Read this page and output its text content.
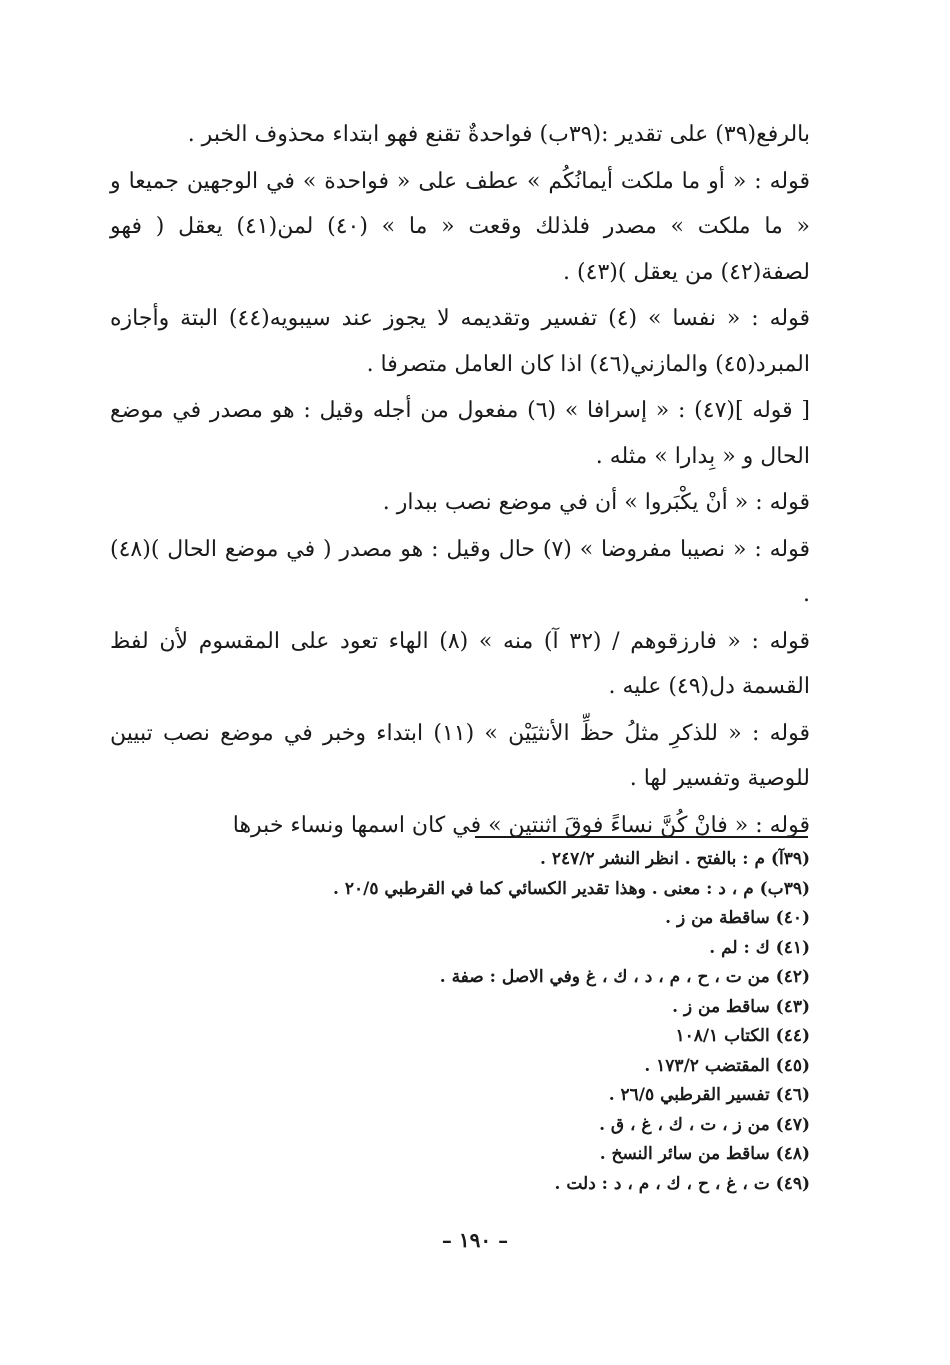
بالرفع(٣٩) على تقدير :(٣٩ب) فواحدةٌ تقنع فهو ابتداء محذوف الخبر .

قوله : « أو ما ملكت أيمانُكُم » عطف على « فواحدة » في الوجهين جميعا و « ما ملكت » مصدر فلذلك وقعت « ما » (٤٠) لمن(٤١) يعقل ( فهو لصفة(٤٢) من يعقل )(٤٣) .

قوله : « نفسا » (٤) تفسير وتقديمه لا يجوز عند سيبويه(٤٤) البتة وأجازه المبرد(٤٥) والمازني(٤٦) اذا كان العامل متصرفا .

[ قوله ](٤٧) : « إسرافا » (٦) مفعول من أجله وقيل : هو مصدر في موضع الحال و « بِدارا » مثله .

قوله : « أنْ يكْبَروا » أن في موضع نصب ببدار .

قوله : « نصيبا مفروضا » (٧) حال وقيل : هو مصدر ( في موضع الحال )(٤٨) .

قوله : « فارزقوهم / (٣٢ آ) منه » (٨) الهاء تعود على المقسوم لأن لفظ القسمة دل(٤٩) عليه .

قوله : « للذكرِ مثلُ حظِّ الأنثيَيْن » (١١) ابتداء وخبر في موضع نصب تبيين للوصية وتفسير لها .

قوله : « فانْ كُنَّ نساءً فوقَ اثنتين » في كان اسمها ونساء خبرها

(٣٩آ) م : بالفتح . انظر النشر ٢٤٧/٢ .
(٣٩ب) م ، د : معنى . وهذا تقدير الكسائي كما في القرطبي ٢٠/٥ .
(٤٠) ساقطة من ز .
(٤١) ك : لم .
(٤٢) من ت ، ح ، م ، د ، ك ، غ وفي الاصل : صفة .
(٤٣) ساقط من ز .
(٤٤) الكتاب ١٠٨/١
(٤٥) المقتضب ١٧٣/٢ .
(٤٦) تفسير القرطبي ٢٦/٥ .
(٤٧) من ز ، ت ، ك ، غ ، ق .
(٤٨) ساقط من سائر النسخ .
(٤٩) ت ، غ ، ح ، ك ، م ، د : دلت .
– ١٩٠ –
